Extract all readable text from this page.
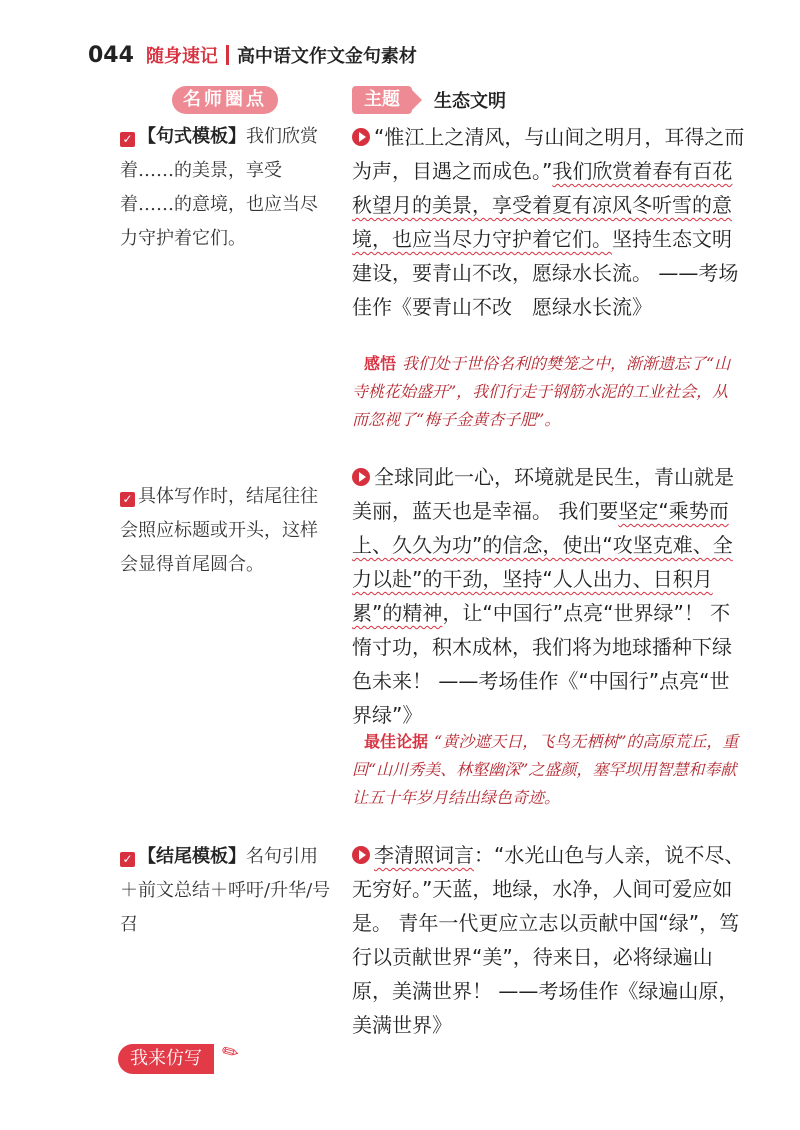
044 随身速记 高中语文作文金句素材
名师圈点
✓ 【句式模板】我们欣赏着……的美景，享受着……的意境，也应当尽力守护着它们。
✓ 具体写作时，结尾往往会照应标题或开头，这样会显得首尾圆合。
✓ 【结尾模板】名句引用＋前文总结＋呼吁/升华/号召
主题	生态文明
“惟江上之清风，与山间之明月，耳得之而为声，目遇之而成色。”我们欣赏着春有百花秋望月的美景，享受着夏有凉风冬听雪的意境，也应当尽力守护着它们。坚持生态文明建设，要青山不改，愿绿水长流。 ——考场佳作《要青山不改　愿绿水长流》
感悟 我们处于世俗名利的樊笼之中，渐渐遗忘了“山寺桃花始盛开”，我们行走于钢筋水泥的工业社会，从而忽视了“梅子金黄杏子肥”。
全球同此一心，环境就是民生，青山就是美丽，蓝天也是幸福。 我们要坚定“乘势而上、久久为功”的信念，使出“攻坚克难、全力以赴”的干劲，坚持“人人出力、日积月累”的精神，让“中国行”点亮“世界绿”！ 不惰寸功，积木成林，我们将为地球播种下绿色未来！ ——考场佳作《“中国行”点亮“世界绿”》
最佳论据 “黄沙遮天日，飞鸟无栖树”的高原荒丘，重回“山川秀美、林壑幽深”之盛颜，塞罕坝用智慧和奉献让五十年岁月结出绿色奇迹。
李清照词言：“水光山色与人亲，说不尽、无穷好。”天蓝，地绿，水净，人间可爱应如是。 青年一代更应立志以贡献中国“绿”，笃行以贡献世界“美”，待来日，必将绿遍山原，美满世界！ ——考场佳作《绿遍山原，美满世界》
我来仿写 ✎
